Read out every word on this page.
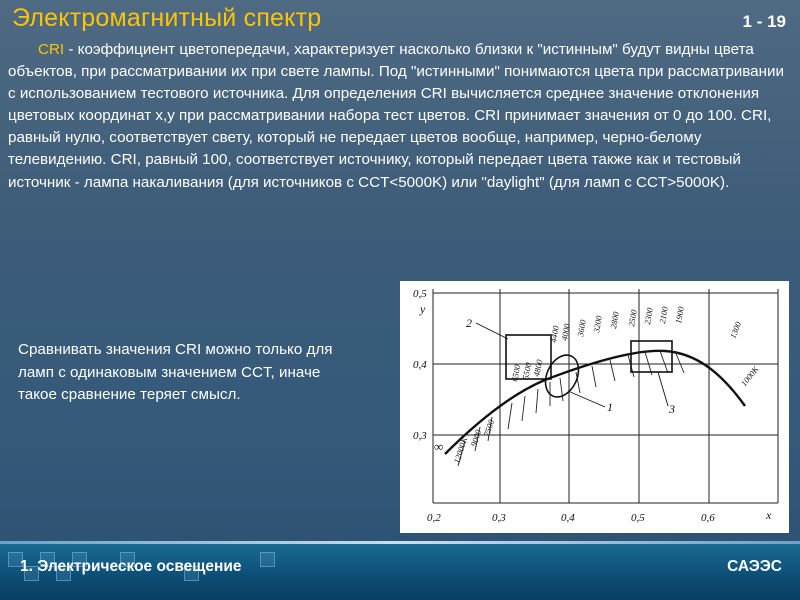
Электромагнитный спектр	1 - 19

CRI - коэффициент цветопередачи, характеризует насколько близки к "истинным" будут видны цвета объектов, при рассматривании их при свете лампы. Под "истинными" понимаются цвета при рассматривании с использованием тестового источника. Для определения CRI вычисляется среднее значение отклонения цветовых координат x,y при рассматривании набора тест цветов. CRI принимает значения от 0 до 100. CRI, равный нулю, соответствует свету, который не передает цветов вообще, например, черно-белому телевидению. CRI, равный 100, соответствует источнику, который передает цвета также как и тестовый источник - лампа накаливания (для источников с CCT<5000K) или "daylight" (для ламп с CCT>5000K).

Сравнивать значения CRI можно только для ламп с одинаковым значением CCT, иначе такое сравнение теряет смысл.

0,2	0,3	0,4	0,5	0,6	x
0,5
0,4
0,3
y
∞ 12000K 9000
7500
6500
5500
4800
4400
4000 3600 3200 2800 2500 2300 2100 1900
1300
1000K
2
1	3
1. Электрическое освещение	САЭЭС
